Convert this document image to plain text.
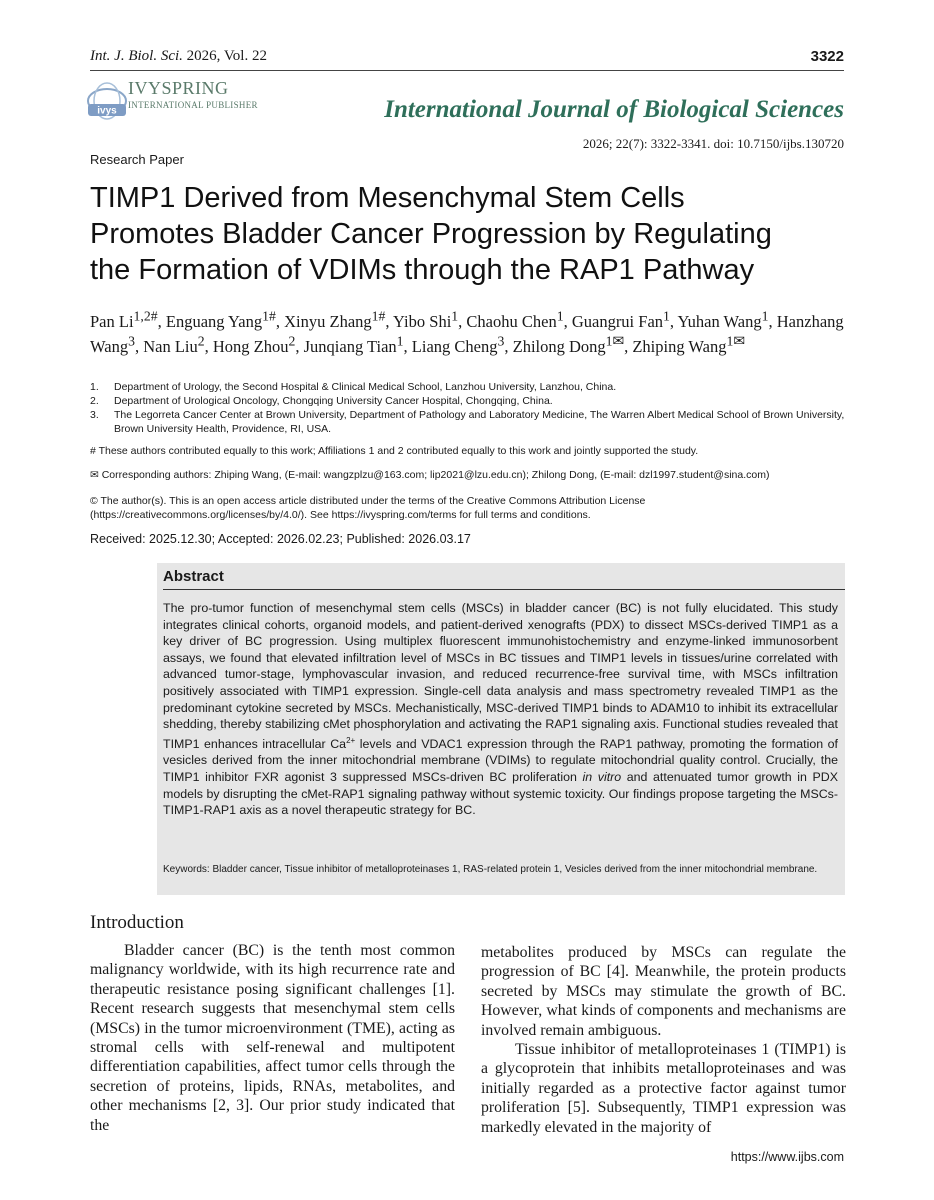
Int. J. Biol. Sci. 2026, Vol. 22	3322
ivys
IVYSPRING
INTERNATIONAL PUBLISHER	International Journal of Biological Sciences
2026; 22(7): 3322-3341. doi: 10.7150/ijbs.130720
Research Paper
TIMP1 Derived from Mesenchymal Stem Cells
Promotes Bladder Cancer Progression by Regulating
the Formation of VDIMs through the RAP1 Pathway
Pan $Li^{1,2\#}$, Enguang Yang$^{1\#}$, Xinyu Zhang$^{1\#}$, Yibo Shi$^1$, Chaohu Chen$^1$, Guangrui Fan$^1$, Yuhan Wang$^1$, Hanzhang Wang$^3$, Nan Liu$^2$, Hong Zhou$^2$, Junqiang Tian$^1$, Liang Cheng$^3$, Zhilong Dong$^{1✉}$, Zhiping Wang$^{1✉}$
1. Department of Urology, the Second Hospital & Clinical Medical School, Lanzhou University, Lanzhou, China.
2. Department of Urological Oncology, Chongqing University Cancer Hospital, Chongqing, China.
3. The Legorreta Cancer Center at Brown University, Department of Pathology and Laboratory Medicine, The Warren Albert Medical School of Brown University, Brown University Health, Providence, RI, USA.
# These authors contributed equally to this work; Affiliations 1 and 2 contributed equally to this work and jointly supported the study.
✉ Corresponding authors: Zhiping Wang, (E-mail: wangzplzu@163.com; lip2021@lzu.edu.cn); Zhilong Dong, (E-mail: dzl1997.student@sina.com)
© The author(s). This is an open access article distributed under the terms of the Creative Commons Attribution License (https://creativecommons.org/licenses/by/4.0/). See https://ivyspring.com/terms for full terms and conditions.
Received: 2025.12.30; Accepted: 2026.02.23; Published: 2026.03.17
Abstract
The pro-tumor function of mesenchymal stem cells (MSCs) in bladder cancer (BC) is not fully elucidated. This study integrates clinical cohorts, organoid models, and patient-derived xenografts (PDX) to dissect MSCs-derived TIMP1 as a key driver of BC progression. Using multiplex fluorescent immunohistochemistry and enzyme-linked immunosorbent assays, we found that elevated infiltration level of MSCs in BC tissues and TIMP1 levels in tissues/urine correlated with advanced tumor-stage, lymphovascular invasion, and reduced recurrence-free survival time, with MSCs infiltration positively associated with TIMP1 expression. Single-cell data analysis and mass spectrometry revealed TIMP1 as the predominant cytokine secreted by MSCs. Mechanistically, MSC-derived TIMP1 binds to ADAM10 to inhibit its extracellular shedding, thereby stabilizing cMet phosphorylation and activating the RAP1 signaling axis. Functional studies revealed that TIMP1 enhances intracellular $Ca^{2+}$ levels and VDAC1 expression through the RAP1 pathway, promoting the formation of vesicles derived from the inner mitochondrial membrane (VDIMs) to regulate mitochondrial quality control. Crucially, the TIMP1 inhibitor FXR agonist 3 suppressed MSCs-driven BC proliferation in vitro and attenuated tumor growth in PDX models by disrupting the cMet-RAP1 signaling pathway without systemic toxicity. Our findings propose targeting the MSCs-TIMP1-RAP1 axis as a novel therapeutic strategy for BC.
Keywords: Bladder cancer, Tissue inhibitor of metalloproteinases 1, RAS-related protein 1, Vesicles derived from the inner mitochondrial membrane.
Introduction

Bladder cancer (BC) is the tenth most common malignancy worldwide, with its high recurrence rate and therapeutic resistance posing significant challenges [1]. Recent research suggests that mesenchymal stem cells (MSCs) in the tumor microenvironment (TME), acting as stromal cells with self-renewal and multipotent differentiation capabilities, affect tumor cells through the secretion of proteins, lipids, RNAs, metabolites, and other mechanisms [2, 3]. Our prior study indicated that the

metabolites produced by MSCs can regulate the progression of BC [4]. Meanwhile, the protein products secreted by MSCs may stimulate the growth of BC. However, what kinds of components and mechanisms are involved remain ambiguous.

Tissue inhibitor of metalloproteinases 1 (TIMP1) is a glycoprotein that inhibits metalloproteinases and was initially regarded as a protective factor against tumor proliferation [5]. Subsequently, TIMP1 expression was markedly elevated in the majority of

https://www.ijbs.com
